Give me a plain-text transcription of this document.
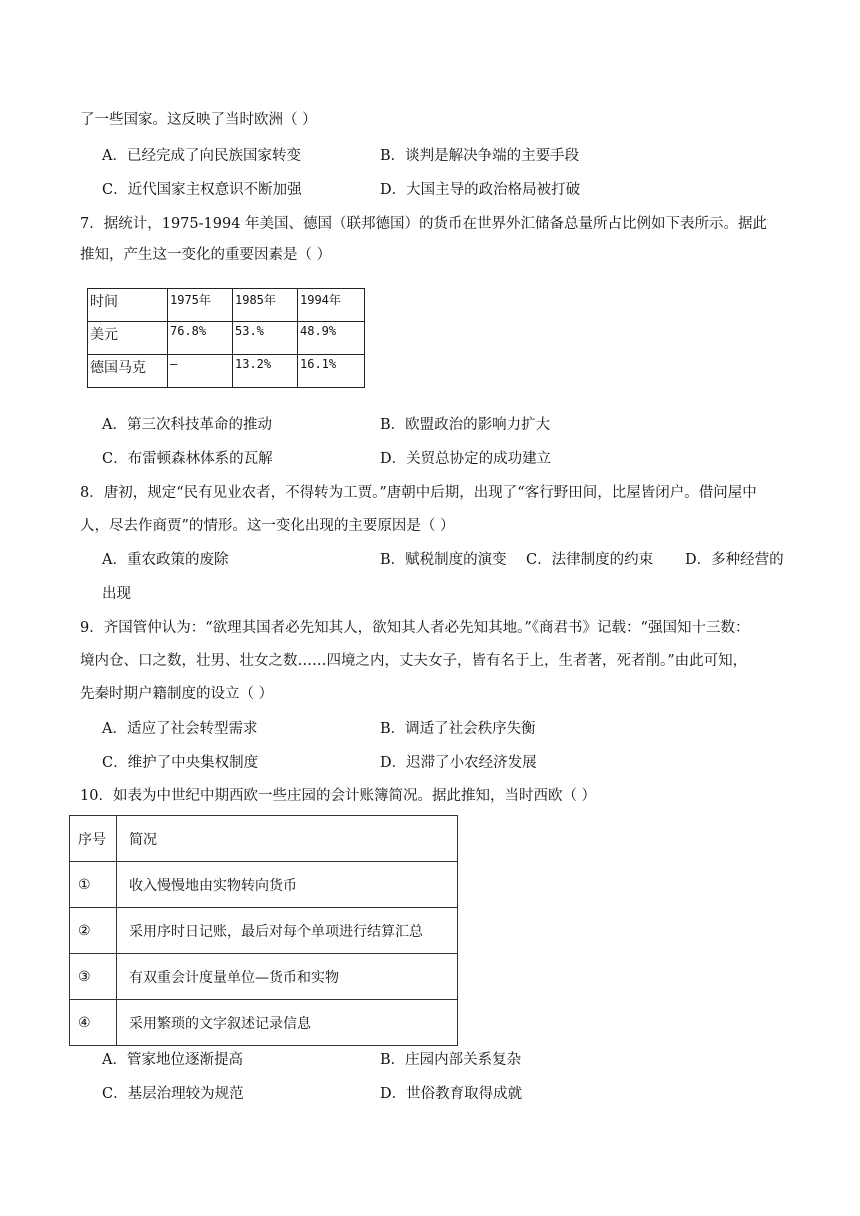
了一些国家。这反映了当时欧洲（ ）
A．已经完成了向民族国家转变	B．谈判是解决争端的主要手段
C．近代国家主权意识不断加强	D．大国主导的政治格局被打破
7．据统计，1975-1994 年美国、德国（联邦德国）的货币在世界外汇储备总量所占比例如下表所示。据此
推知，产生这一变化的重要因素是（ ）
时间	1975年	1985年	1994年
美元	76.8%	53.%	48.9%
德国马克	—	13.2%	16.1%
A．第三次科技革命的推动	B．欧盟政治的影响力扩大
C．布雷顿森林体系的瓦解	D．关贸总协定的成功建立
8．唐初，规定“民有见业农者，不得转为工贾。”唐朝中后期，出现了“客行野田间，比屋皆闭户。借问屋中
人，尽去作商贾”的情形。这一变化出现的主要原因是（ ）
A．重农政策的废除	B．赋税制度的演变 C．法律制度的约束 D．多种经营的
出现
9．齐国管仲认为：“欲理其国者必先知其人，欲知其人者必先知其地。”《商君书》记载：“强国知十三数：
境内仓、口之数，壮男、壮女之数……四境之内，丈夫女子，皆有名于上，生者著，死者削。”由此可知，
先秦时期户籍制度的设立（ ）
A．适应了社会转型需求	B．调适了社会秩序失衡
C．维护了中央集权制度	D．迟滞了小农经济发展
10．如表为中世纪中期西欧一些庄园的会计账簿简况。据此推知，当时西欧（ ）
序号	简况
①	收入慢慢地由实物转向货币
②	采用序时日记账，最后对每个单项进行结算汇总
③	有双重会计度量单位—货币和实物
④	采用繁琐的文字叙述记录信息
A．管家地位逐渐提高	B．庄园内部关系复杂
C．基层治理较为规范	D．世俗教育取得成就
